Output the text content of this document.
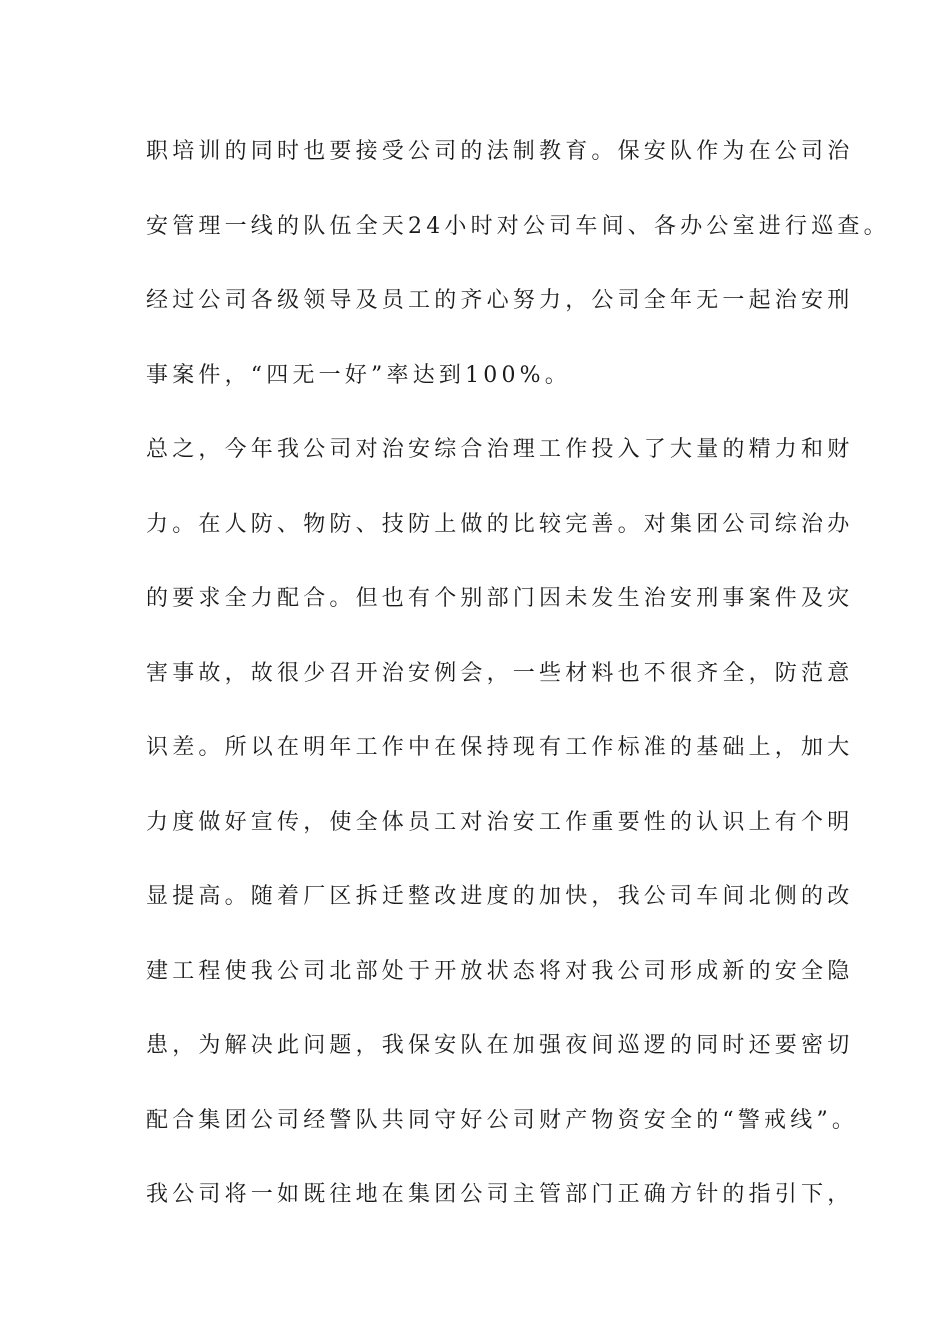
职培训的同时也要接受公司的法制教育。保安队作为在公司治
安管理一线的队伍全天24小时对公司车间、各办公室进行巡查。
经过公司各级领导及员工的齐心努力，公司全年无一起治安刑
事案件，“四无一好”率达到100%。
总之，今年我公司对治安综合治理工作投入了大量的精力和财
力。在人防、物防、技防上做的比较完善。对集团公司综治办
的要求全力配合。但也有个别部门因未发生治安刑事案件及灾
害事故，故很少召开治安例会，一些材料也不很齐全，防范意
识差。所以在明年工作中在保持现有工作标准的基础上，加大
力度做好宣传，使全体员工对治安工作重要性的认识上有个明
显提高。随着厂区拆迁整改进度的加快，我公司车间北侧的改
建工程使我公司北部处于开放状态将对我公司形成新的安全隐
患，为解决此问题，我保安队在加强夜间巡逻的同时还要密切
配合集团公司经警队共同守好公司财产物资安全的“警戒线”。
我公司将一如既往地在集团公司主管部门正确方针的指引下，
